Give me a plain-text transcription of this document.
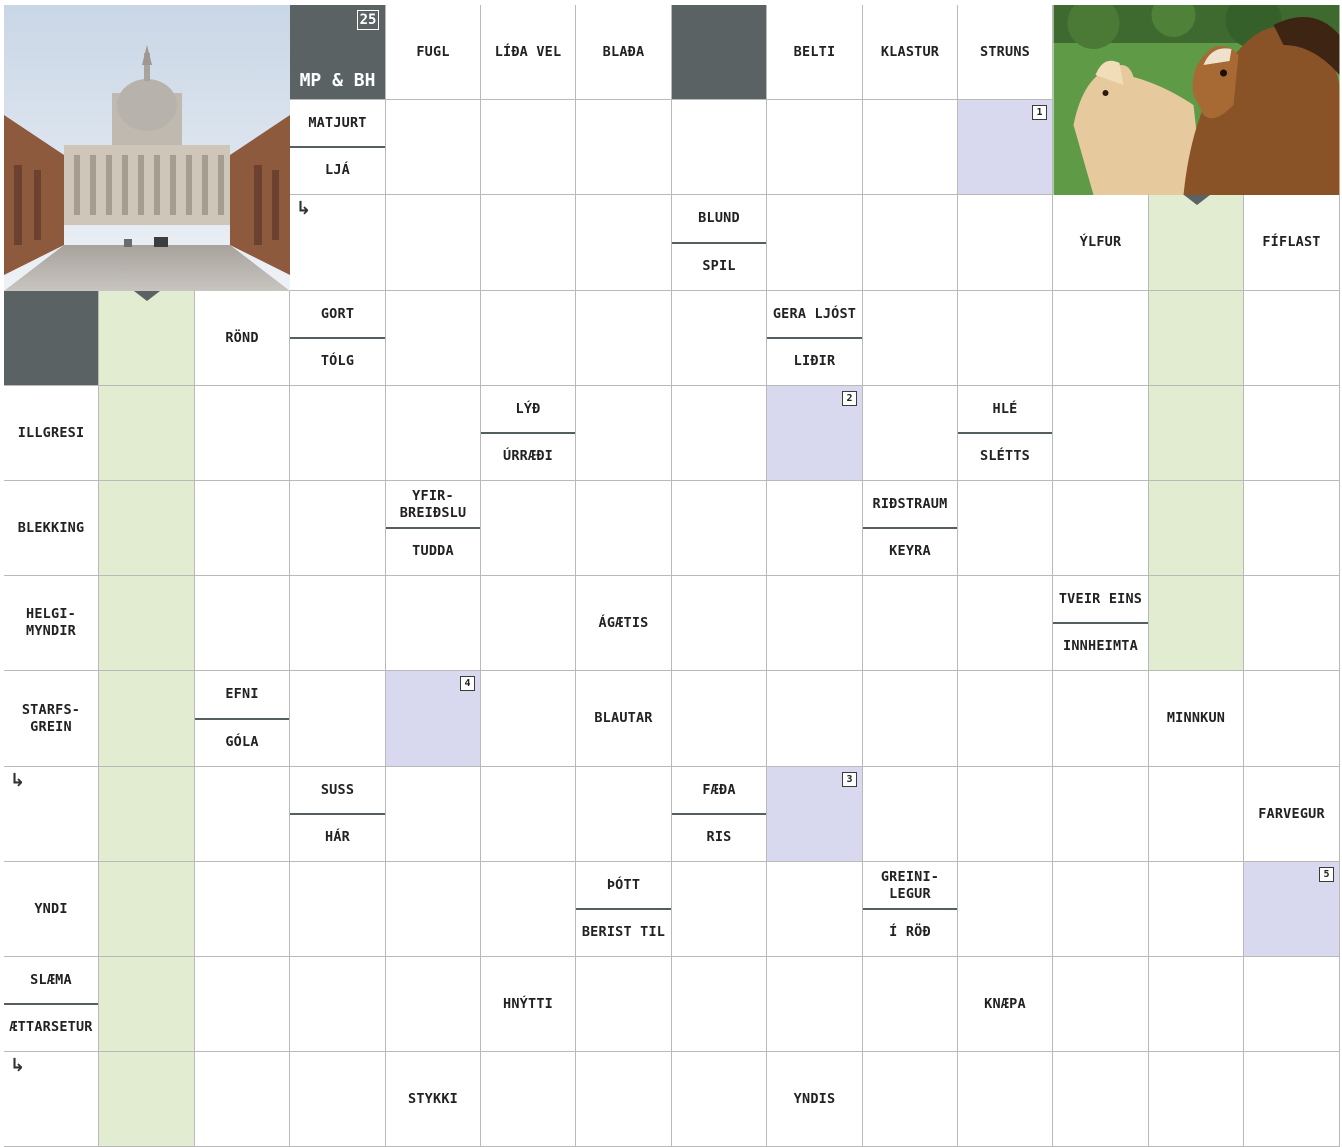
FUGL	LÍÐA VEL	BLAÐA	BELTI	KLASTUR	STRUNS
MATJURT
LJÁ
1
↳	BLUND
SPIL
ÝLFUR	FÍFLAST
RÖND
GORT
TÓLG
GERA LJÓST
LIÐIR
ILLGRESI
LÝÐ
ÚRRÆÐI
2
HLÉ
SLÉTTS
BLEKKING
YFIR-
BREIÐSLU
TUDDA
RIÐSTRAUM
KEYRA
HELGI-
MYNDIR
ÁGÆTIS
TVEIR EINS
INNHEIMTA
STARFS-
GREIN
EFNI
GÓLA
4
BLAUTAR	MINNKUN
↳	SUSS
HÁR
FÆÐA
RIS
3
FARVEGUR
YNDI
ÞÓTT
BERIST TIL
GREINI-
LEGUR
Í RÖÐ
5
SLÆMA
ÆTTARSETUR
HNÝTTI	KNÆPA
↳
STYKKI	YNDIS
25
MP & BH
